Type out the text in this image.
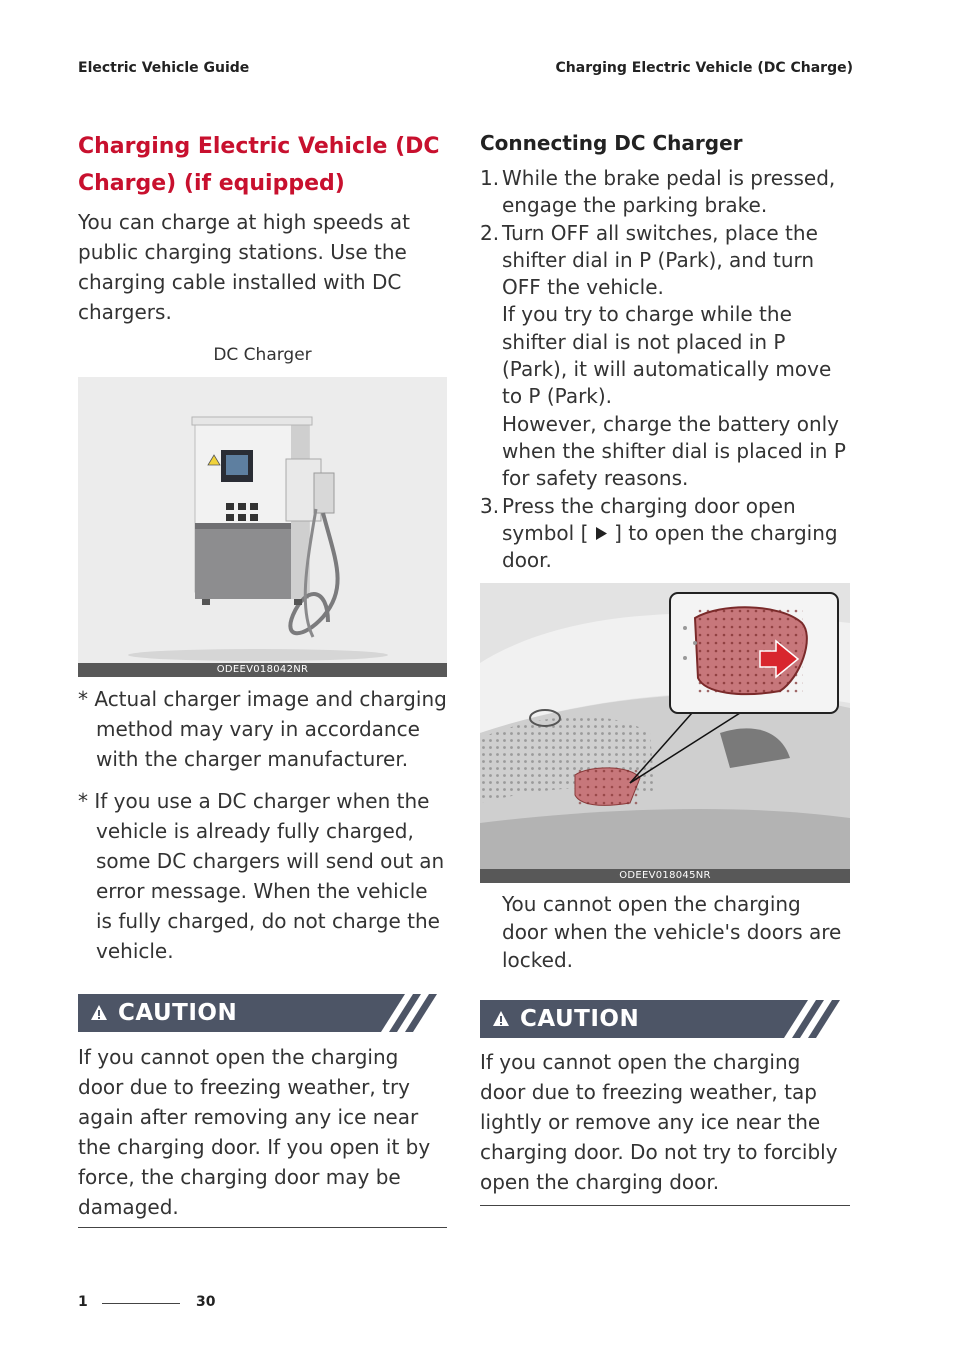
Electric Vehicle Guide	Charging Electric Vehicle (DC Charge)
Charging Electric Vehicle (DC
Charge) (if equipped)
You can charge at high speeds at
public charging stations. Use the
charging cable installed with DC
chargers.
DC Charger
ODEEV018042NR
* Actual charger image and charging
method may vary in accordance
with the charger manufacturer.
* If you use a DC charger when the
vehicle is already fully charged,
some DC chargers will send out an
error message. When the vehicle
is fully charged, do not charge the
vehicle.
CAUTION
If you cannot open the charging
door due to freezing weather, try
again after removing any ice near
the charging door. If you open it by
force, the charging door may be
damaged.
Connecting DC Charger
1. While the brake pedal is pressed,
engage the parking brake.
2. Turn OFF all switches, place the
shifter dial in P (Park), and turn
OFF the vehicle.
If you try to charge while the
shifter dial is not placed in P
(Park), it will automatically move
to P (Park).
However, charge the battery only
when the shifter dial is placed in P
for safety reasons.
3. Press the charging door open
symbol [  ] to open the charging
door.
ODEEV018045NR
You cannot open the charging
door when the vehicle's doors are
locked.
CAUTION
If you cannot open the charging
door due to freezing weather, tap
lightly or remove any ice near the
charging door. Do not try to forcibly
open the charging door.
1	30
